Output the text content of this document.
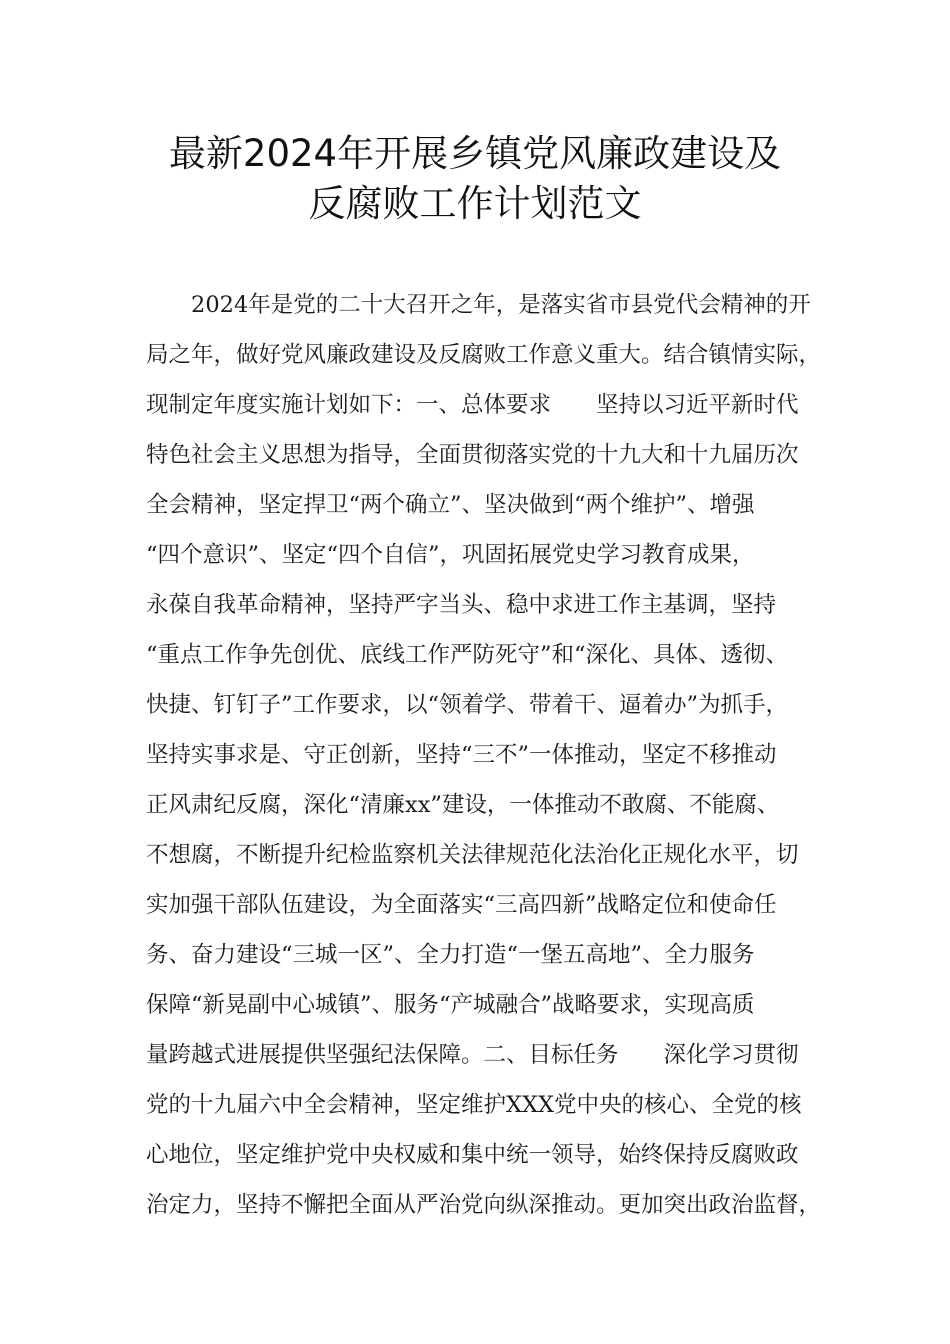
最新2024年开展乡镇党风廉政建设及
反腐败工作计划范文
　　2024年是党的二十大召开之年，是落实省市县党代会精神的开
局之年，做好党风廉政建设及反腐败工作意义重大。结合镇情实际，
现制定年度实施计划如下：一、总体要求　　坚持以习近平新时代
特色社会主义思想为指导，全面贯彻落实党的十九大和十九届历次
全会精神，坚定捍卫“两个确立”、坚决做到“两个维护”、增强
“四个意识”、坚定“四个自信”，巩固拓展党史学习教育成果，
永葆自我革命精神，坚持严字当头、稳中求进工作主基调，坚持
“重点工作争先创优、底线工作严防死守”和“深化、具体、透彻、
快捷、钉钉子”工作要求，以“领着学、带着干、逼着办”为抓手，
坚持实事求是、守正创新，坚持“三不”一体推动，坚定不移推动
正风肃纪反腐，深化“清廉xx”建设，一体推动不敢腐、不能腐、
不想腐，不断提升纪检监察机关法律规范化法治化正规化水平，切
实加强干部队伍建设，为全面落实“三高四新”战略定位和使命任
务、奋力建设“三城一区”、全力打造“一堡五高地”、全力服务
保障“新晃副中心城镇”、服务“产城融合”战略要求，实现高质
量跨越式进展提供坚强纪法保障。二、目标任务　　深化学习贯彻
党的十九届六中全会精神，坚定维护XXX党中央的核心、全党的核
心地位，坚定维护党中央权威和集中统一领导，始终保持反腐败政
治定力，坚持不懈把全面从严治党向纵深推动。更加突出政治监督，
